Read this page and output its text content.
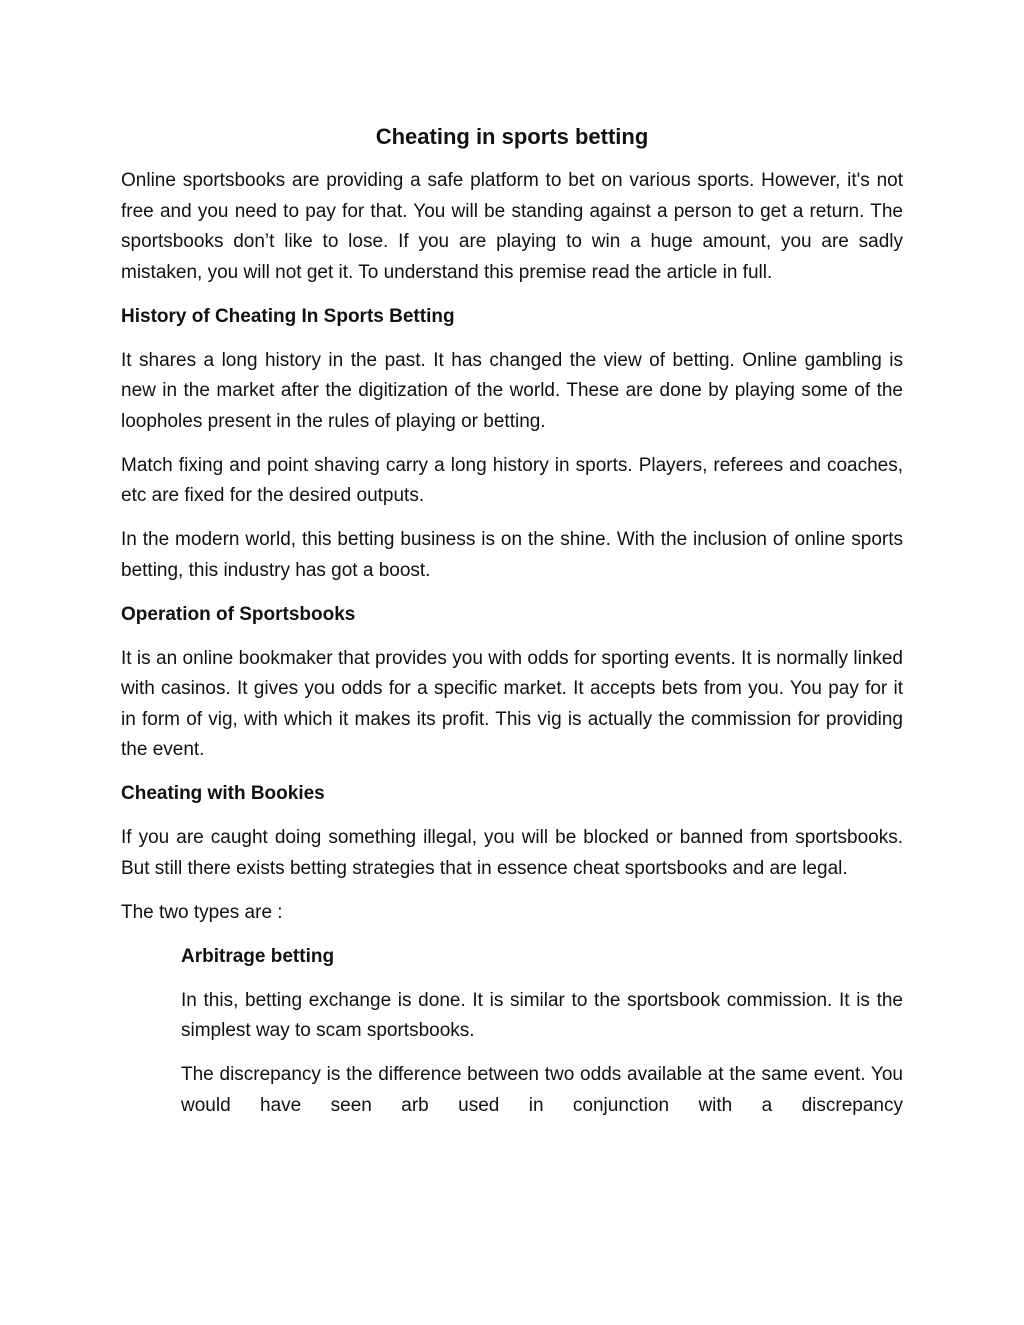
Cheating in sports betting

Online sportsbooks are providing a safe platform to bet on various sports. However, it's not free and you need to pay for that. You will be standing against a person to get a return. The sportsbooks don’t like to lose. If you are playing to win a huge amount, you are sadly mistaken, you will not get it. To understand this premise read the article in full.

History of Cheating In Sports Betting

It shares a long history in the past. It has changed the view of betting. Online gambling is new in the market after the digitization of the world. These are done by playing some of the loopholes present in the rules of playing or betting.

Match fixing and point shaving carry a long history in sports. Players, referees and coaches, etc are fixed for the desired outputs.

In the modern world, this betting business is on the shine. With the inclusion of online sports betting, this industry has got a boost.

Operation of Sportsbooks

It is an online bookmaker that provides you with odds for sporting events. It is normally linked with casinos. It gives you odds for a specific market. It accepts bets from you. You pay for it in form of vig, with which it makes its profit. This vig is actually the commission for providing the event.

Cheating with Bookies

If you are caught doing something illegal, you will be blocked or banned from sportsbooks. But still there exists betting strategies that in essence cheat sportsbooks and are legal.

The two types are :

Arbitrage betting

In this, betting exchange is done. It is similar to the sportsbook commission. It is the simplest way to scam sportsbooks.

The discrepancy is the difference between two odds available at the same event. You would have seen arb used in conjunction with a discrepancy
